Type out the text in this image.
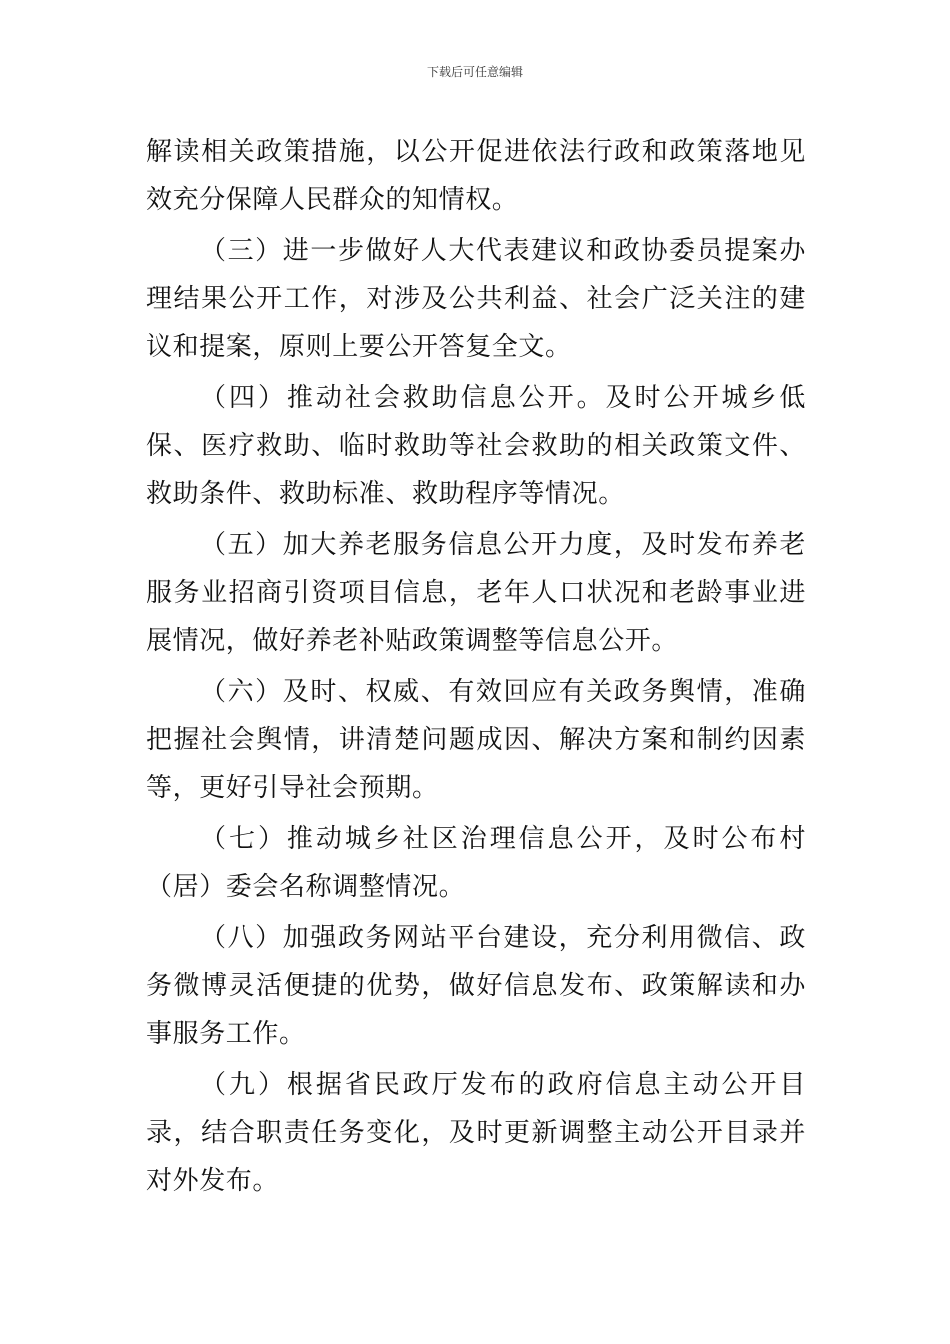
下载后可任意编辑

解读相关政策措施，以公开促进依法行政和政策落地见效充分保障人民群众的知情权。

（三）进一步做好人大代表建议和政协委员提案办理结果公开工作，对涉及公共利益、社会广泛关注的建议和提案，原则上要公开答复全文。

（四）推动社会救助信息公开。及时公开城乡低保、医疗救助、临时救助等社会救助的相关政策文件、救助条件、救助标准、救助程序等情况。

（五）加大养老服务信息公开力度，及时发布养老服务业招商引资项目信息，老年人口状况和老龄事业进展情况，做好养老补贴政策调整等信息公开。

（六）及时、权威、有效回应有关政务舆情，准确把握社会舆情，讲清楚问题成因、解决方案和制约因素等，更好引导社会预期。

（七）推动城乡社区治理信息公开，及时公布村（居）委会名称调整情况。

（八）加强政务网站平台建设，充分利用微信、政务微博灵活便捷的优势，做好信息发布、政策解读和办事服务工作。

（九）根据省民政厅发布的政府信息主动公开目录，结合职责任务变化，及时更新调整主动公开目录并对外发布。
